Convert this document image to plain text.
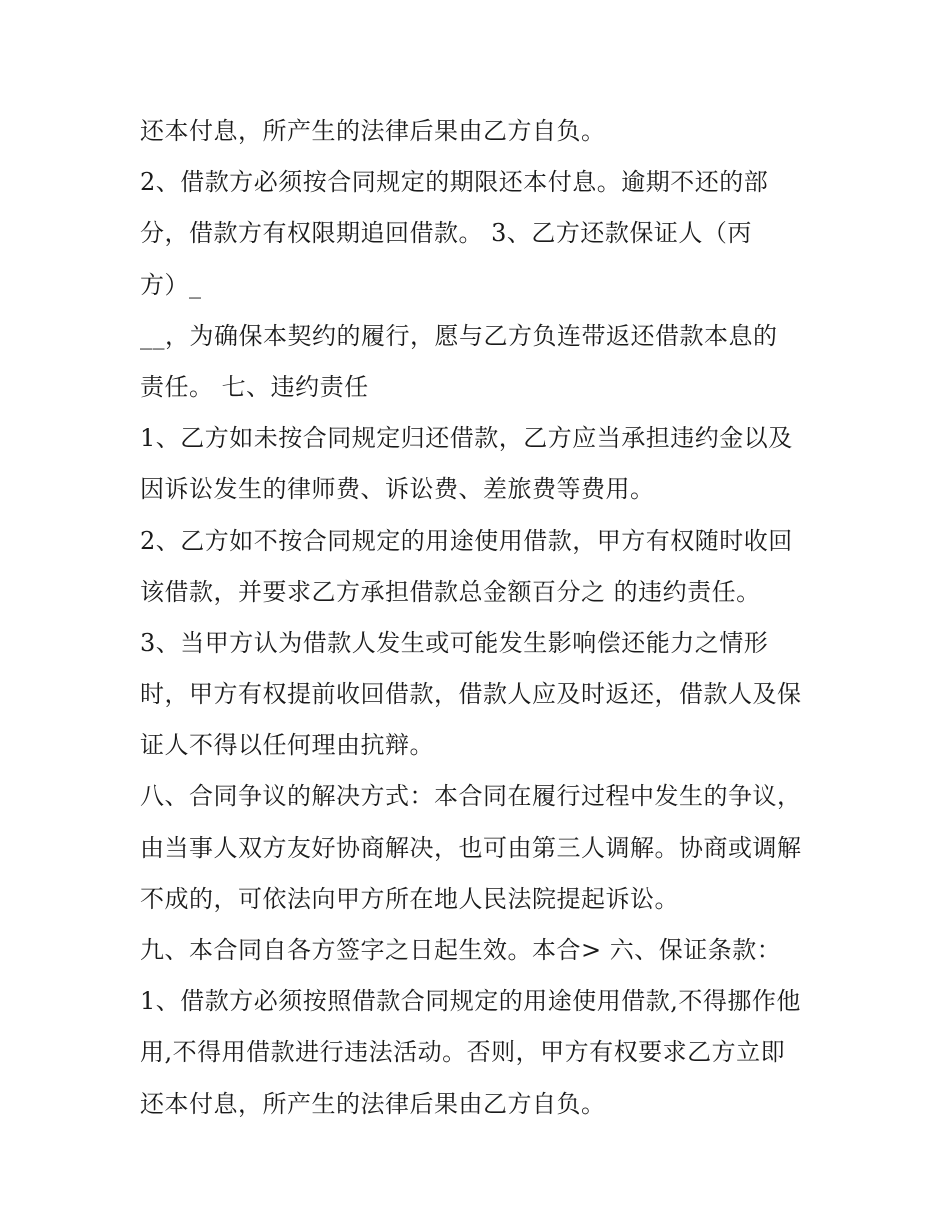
还本付息，所产生的法律后果由乙方自负。
2、借款方必须按合同规定的期限还本付息。逾期不还的部
分，借款方有权限期追回借款。 3、乙方还款保证人（丙
方）_
__，为确保本契约的履行，愿与乙方负连带返还借款本息的
责任。 七、违约责任
1、乙方如未按合同规定归还借款，乙方应当承担违约金以及
因诉讼发生的律师费、诉讼费、差旅费等费用。
2、乙方如不按合同规定的用途使用借款，甲方有权随时收回
该借款，并要求乙方承担借款总金额百分之 的违约责任。
3、当甲方认为借款人发生或可能发生影响偿还能力之情形
时，甲方有权提前收回借款，借款人应及时返还，借款人及保
证人不得以任何理由抗辩。
八、合同争议的解决方式：本合同在履行过程中发生的争议，
由当事人双方友好协商解决，也可由第三人调解。协商或调解
不成的，可依法向甲方所在地人民法院提起诉讼。
九、本合同自各方签字之日起生效。本合> 六、保证条款：
1、借款方必须按照借款合同规定的用途使用借款,不得挪作他
用,不得用借款进行违法活动。否则，甲方有权要求乙方立即
还本付息，所产生的法律后果由乙方自负。
